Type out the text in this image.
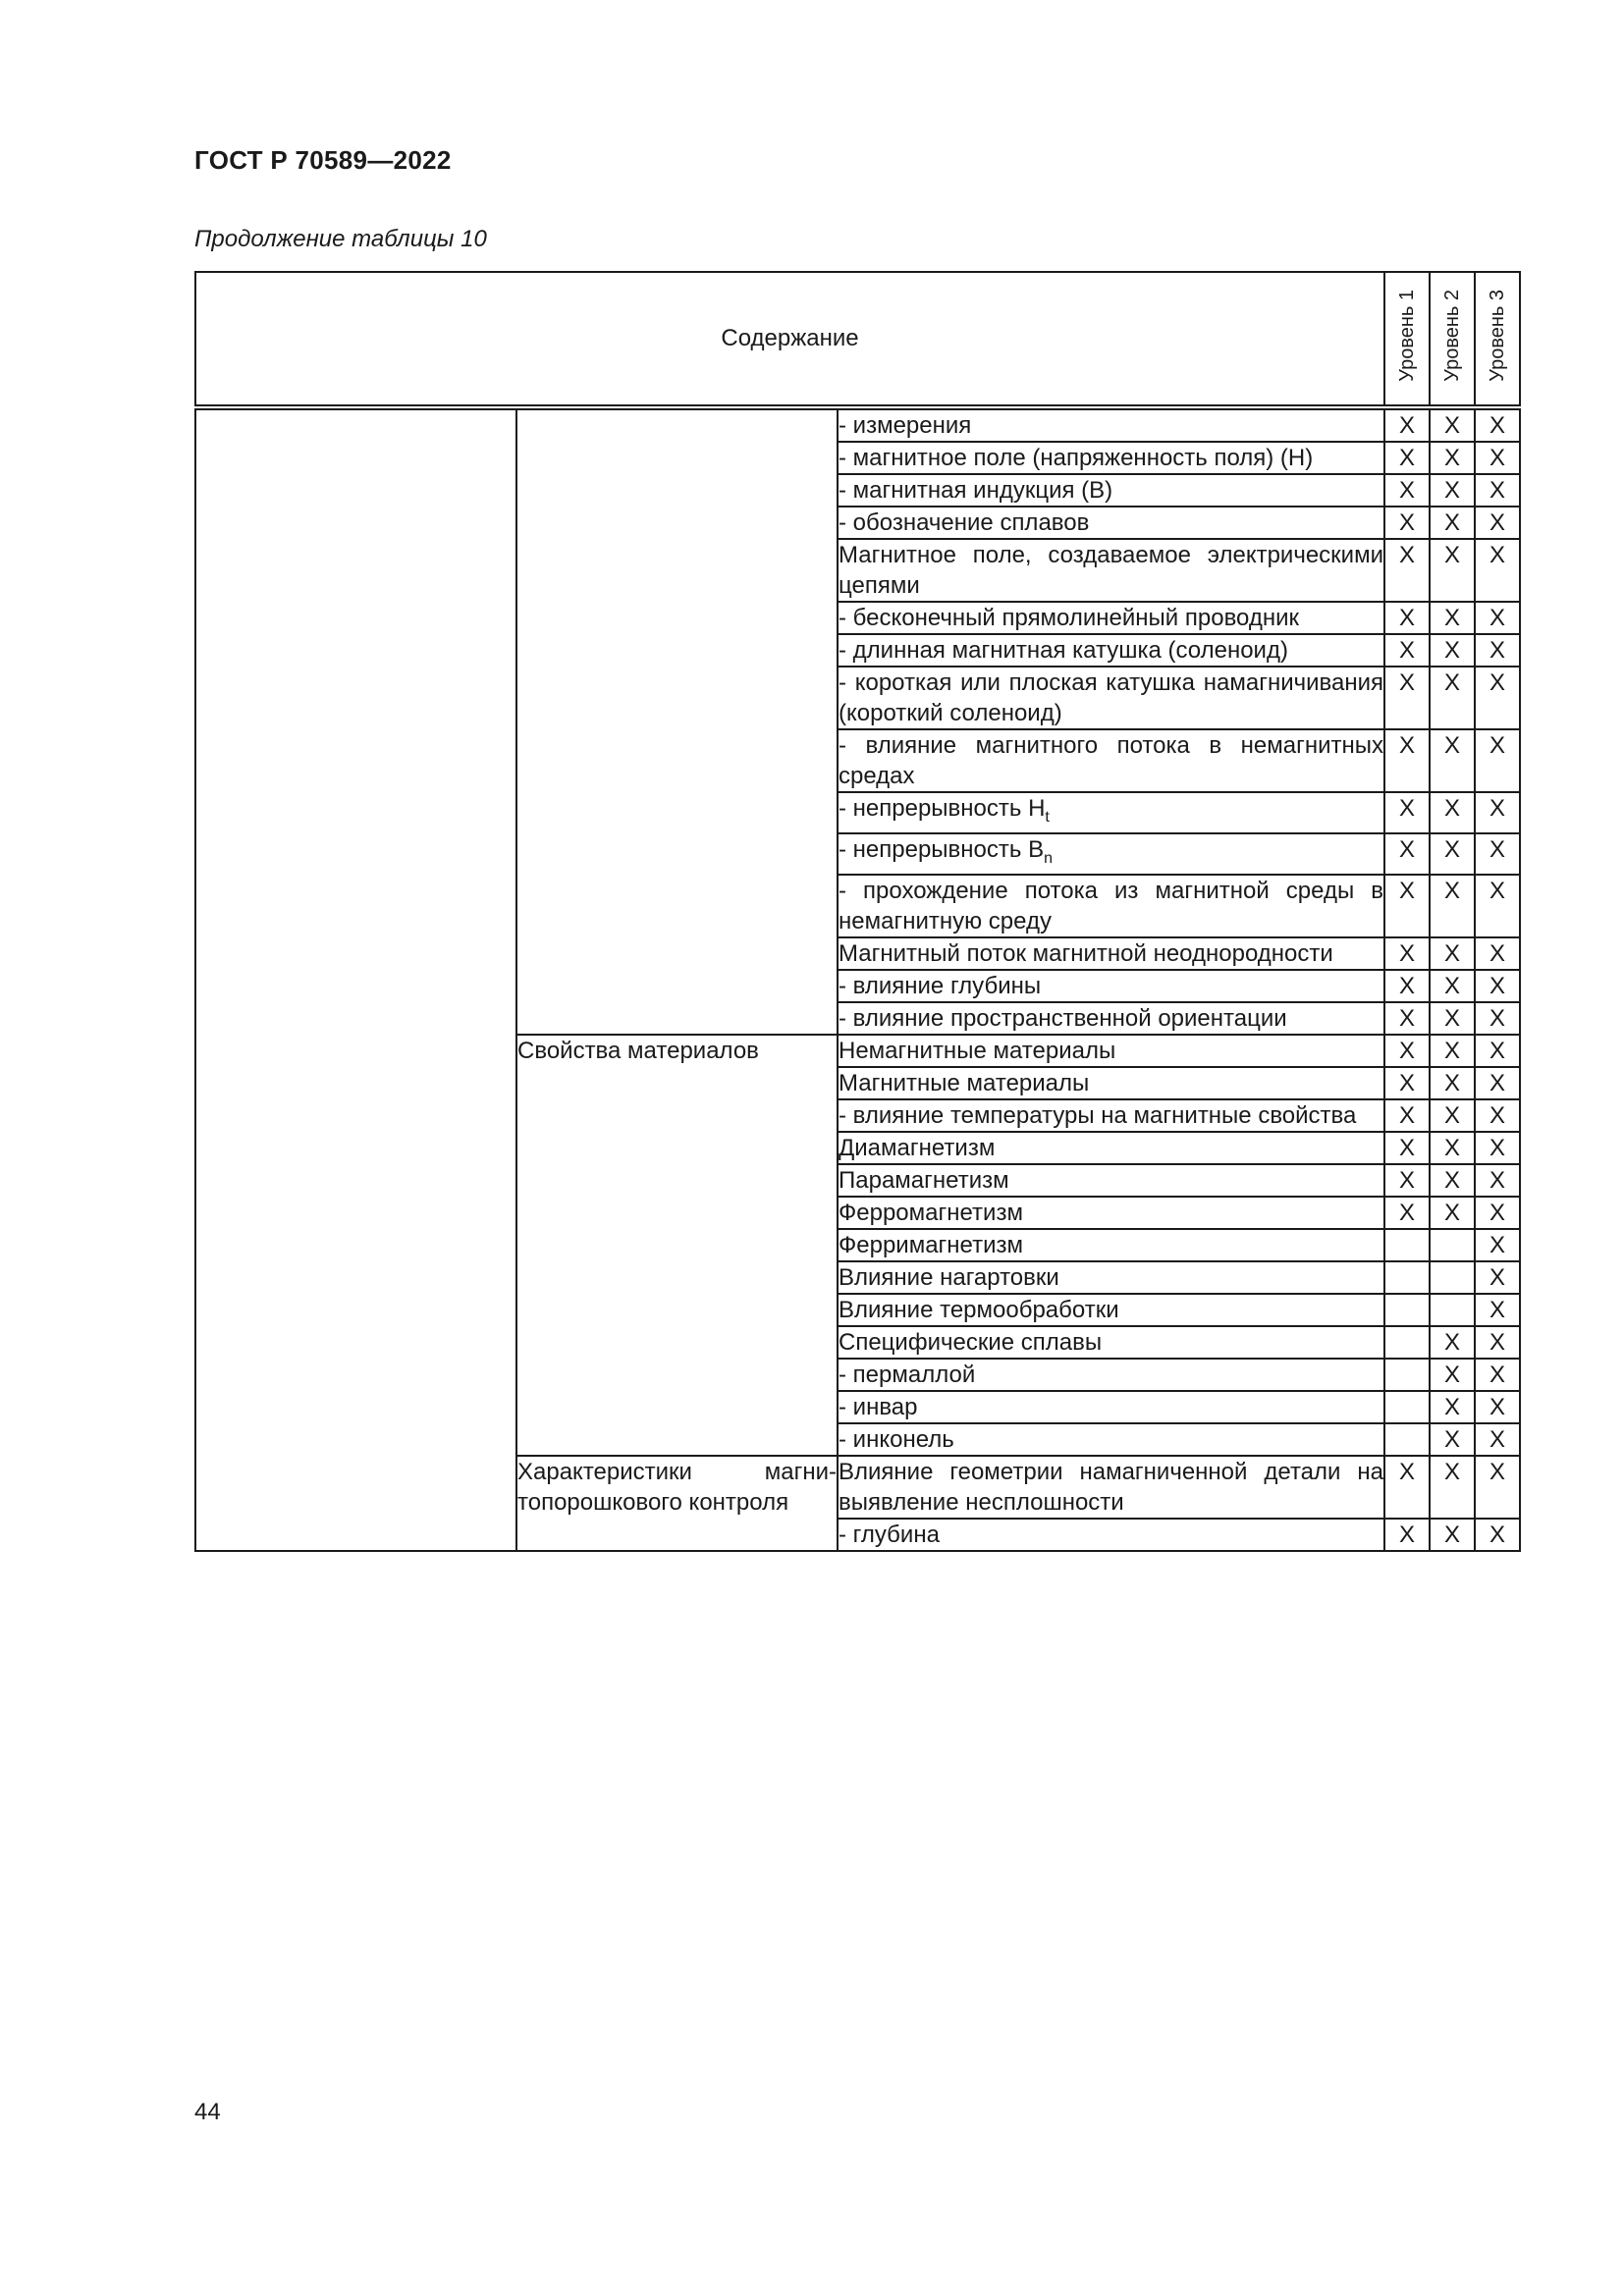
ГОСТ Р 70589—2022
Продолжение таблицы 10
Содержание			Уровень 1	Уровень 2	Уровень 3
		- измерения	X	X	X
		- магнитное поле (напряженность поля) (H)	X	X	X
		- магнитная индукция (B)	X	X	X
		- обозначение сплавов	X	X	X
		Магнитное поле, создаваемое электрическими цепями	X	X	X
		- бесконечный прямолинейный проводник	X	X	X
		- длинная магнитная катушка (соленоид)	X	X	X
		- короткая или плоская катушка намагничивания (короткий соленоид)	X	X	X
		- влияние магнитного потока в немагнитных средах	X	X	X
		- непрерывность $H_t$	X	X	X
		- непрерывность $B_n$	X	X	X
		- прохождение потока из магнитной среды в немагнитную среду	X	X	X
		Магнитный поток магнитной неоднородности	X	X	X
		- влияние глубины	X	X	X
		- влияние пространственной ориентации	X	X	X
	Свойства материалов	Немагнитные материалы	X	X	X
		Магнитные материалы	X	X	X
		- влияние температуры на магнитные свойства	X	X	X
		Диамагнетизм	X	X	X
		Парамагнетизм	X	X	X
		Ферромагнетизм	X	X	X
		Ферримагнетизм			X
		Влияние нагартовки			X
		Влияние термообработки			X
		Специфические сплавы		X	X
		- пермаллой		X	X
		- инвар		X	X
		- инконель		X	X
	Характеристики магнитопорошкового контроля	Влияние геометрии намагниченной детали на выявление несплошности	X	X	X
		- глубина	X	X	X
44
